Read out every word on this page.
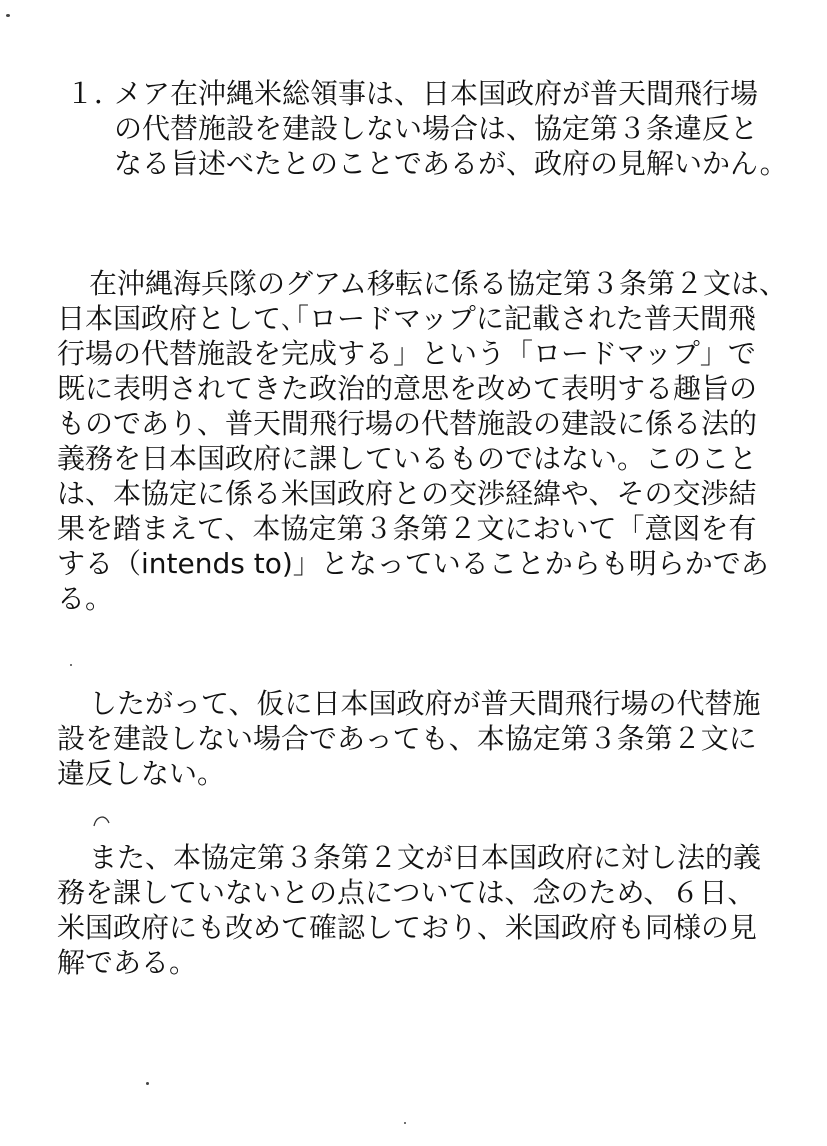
１．
メア在沖縄米総領事は、日本国政府が普天間飛行場
の代替施設を建設しない場合は、協定第３条違反と
なる旨述べたとのことであるが、政府の見解いかん。
在沖縄海兵隊のグアム移転に係る協定第３条第２文は、
日本国政府として､｢ロードマップに記載された普天間飛
行場の代替施設を完成する」という「ロードマップ」で
既に表明されてきた政治的意思を改めて表明する趣旨の
ものであり、普天間飛行場の代替施設の建設に係る法的
義務を日本国政府に課しているものではない。このこと
は、本協定に係る米国政府との交渉経緯や、その交渉結
果を踏まえて、本協定第３条第２文において「意図を有
する（intends to)」となっていることからも明らかであ
る。
したがって、仮に日本国政府が普天間飛行場の代替施
設を建設しない場合であっても、本協定第３条第２文に
違反しない。
また、本協定第３条第２文が日本国政府に対し法的義
務を課していないとの点については、念のため、６日、
米国政府にも改めて確認しており、米国政府も同様の見
解である。
